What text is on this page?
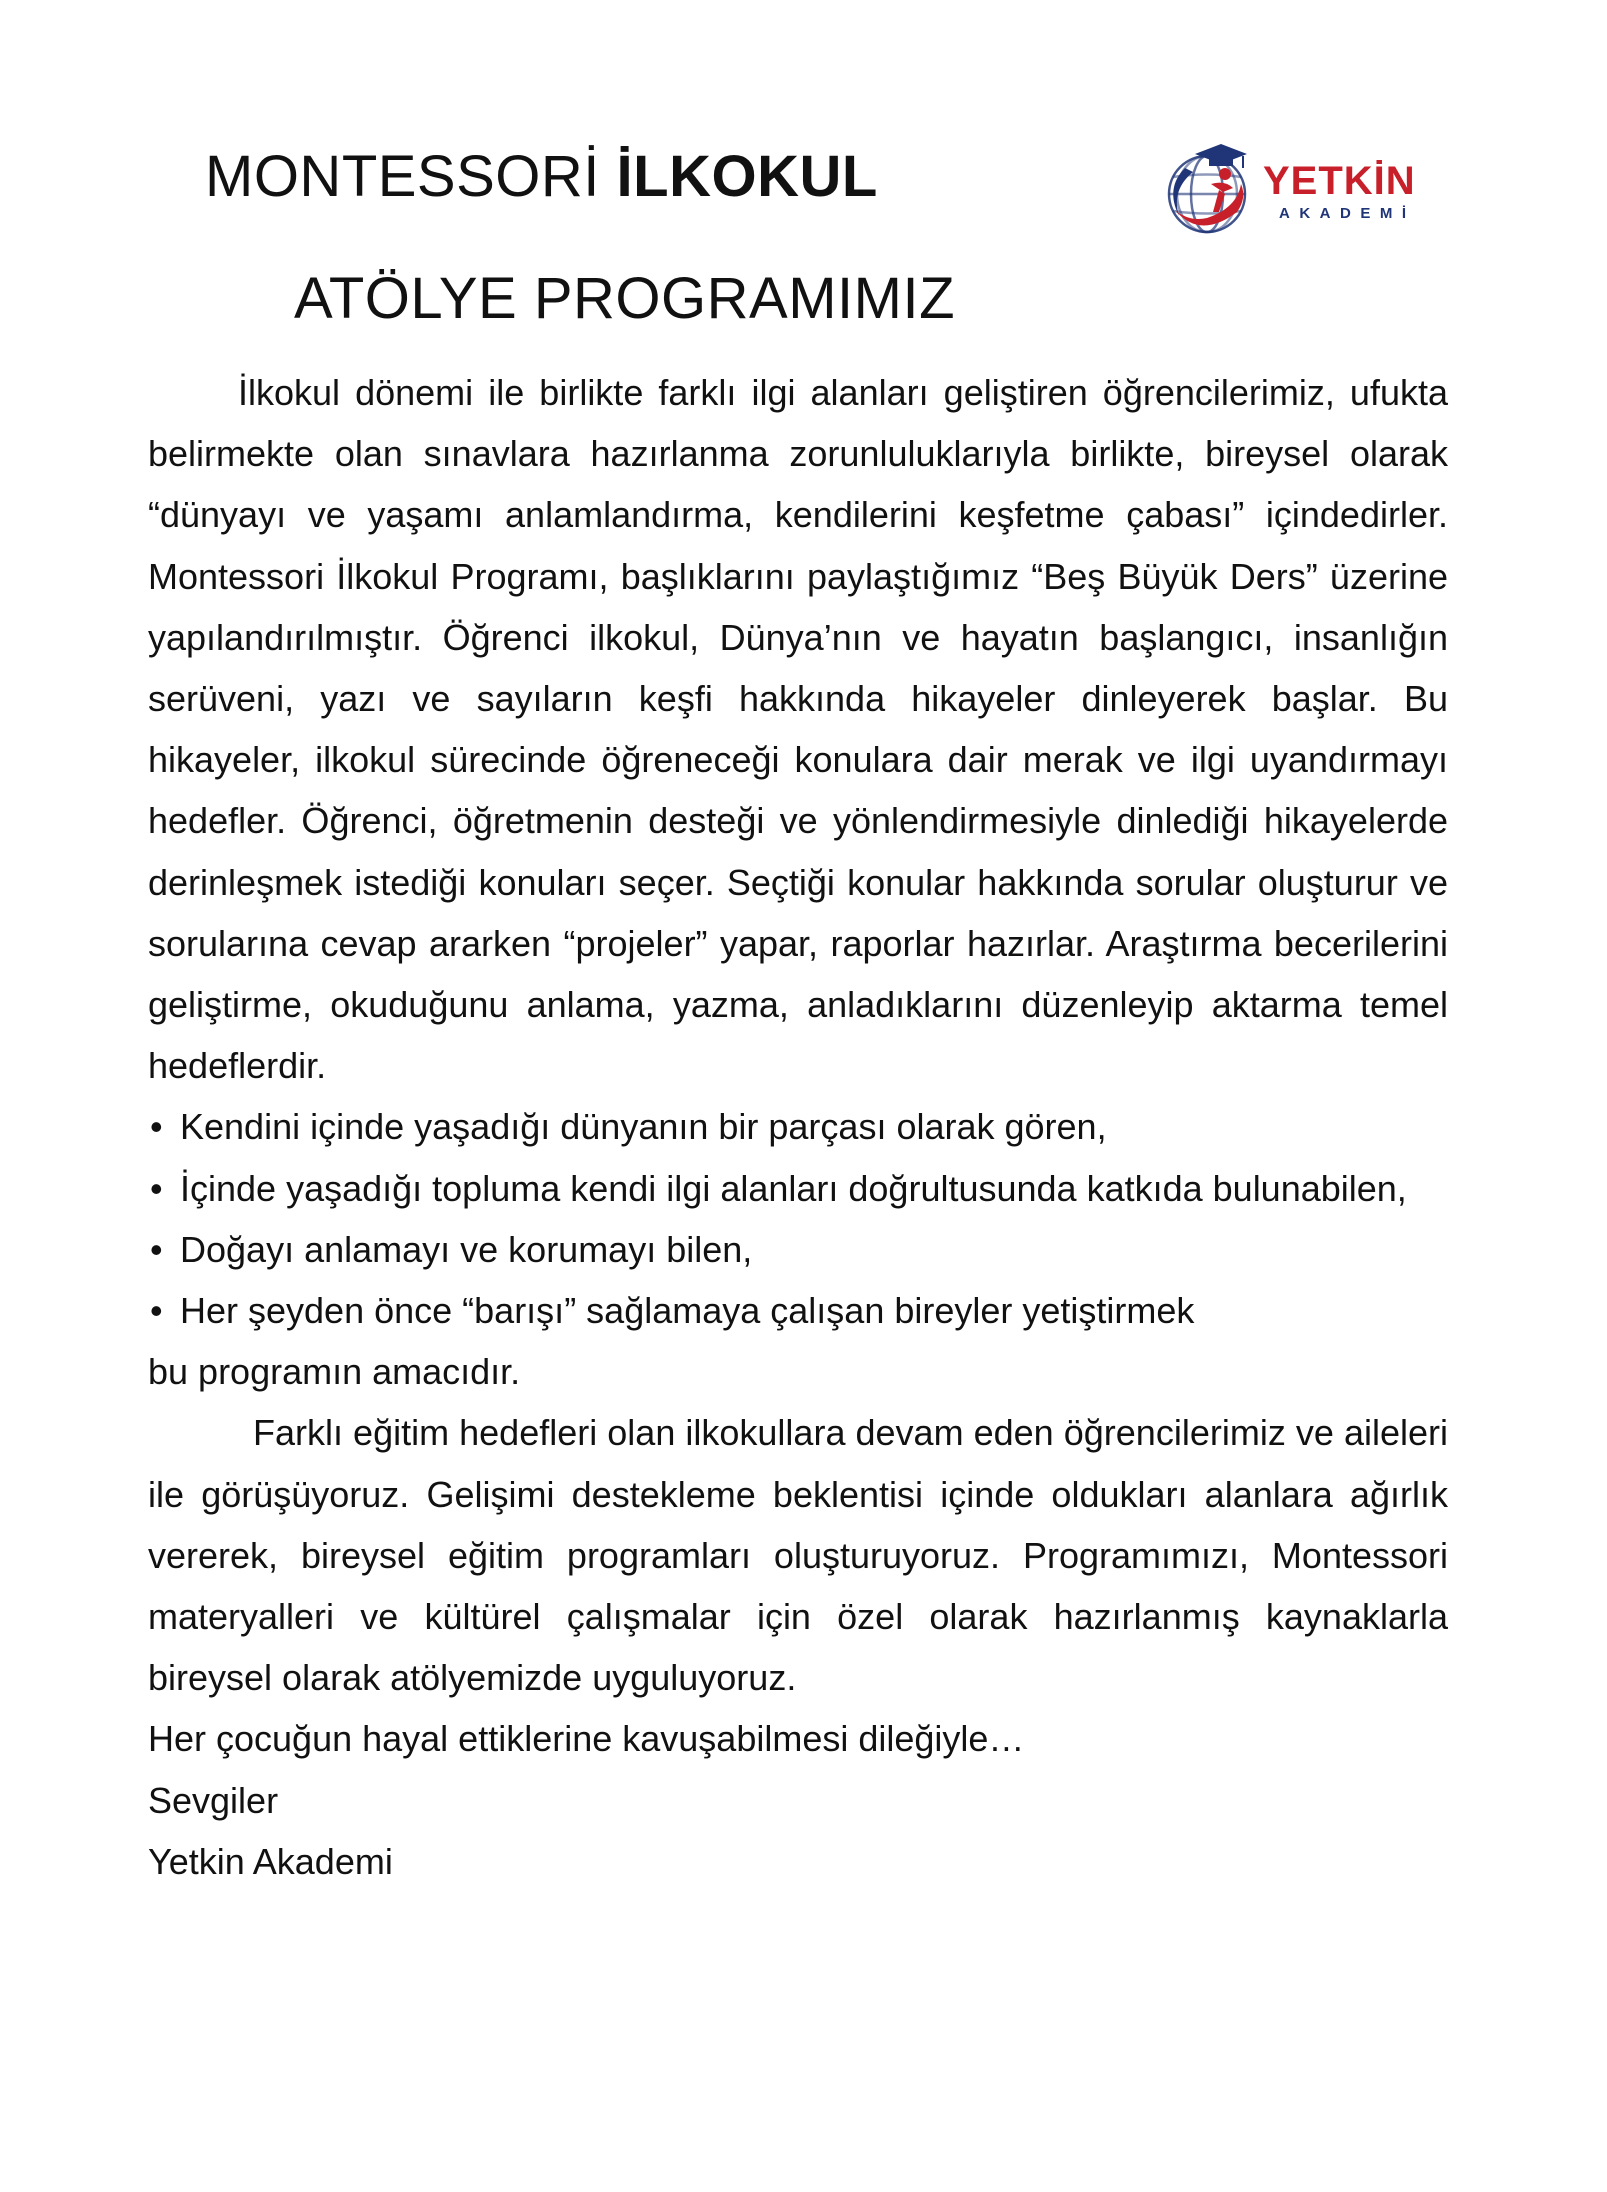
MONTESSORİ İLKOKUL
ATÖLYE PROGRAMIMIZ
YETKİN
AKADEMİ

İlkokul dönemi ile birlikte farklı ilgi alanları geliştiren öğrencilerimiz, ufukta belirmekte olan sınavlara hazırlanma zorunluluklarıyla birlikte, bireysel olarak “dünyayı ve yaşamı anlamlandırma, kendilerini keşfetme çabası” içindedirler. Montessori İlkokul Programı, başlıklarını paylaştığımız “Beş Büyük Ders” üzerine yapılandırılmıştır. Öğrenci ilkokul, Dünya’nın ve hayatın başlangıcı, insanlığın serüveni, yazı ve sayıların keşfi hakkında hikayeler dinleyerek başlar. Bu hikayeler, ilkokul sürecinde öğreneceği konulara dair merak ve ilgi uyandırmayı hedefler. Öğrenci, öğretmenin desteği ve yönlendirmesiyle dinlediği hikayelerde derinleşmek istediği konuları seçer. Seçtiği konular hakkında sorular oluşturur ve sorularına cevap ararken “projeler” yapar, raporlar hazırlar. Araştırma becerilerini geliştirme, okuduğunu anlama, yazma, anladıklarını düzenleyip aktarma temel hedeflerdir.

• Kendini içinde yaşadığı dünyanın bir parçası olarak gören,
• İçinde yaşadığı topluma kendi ilgi alanları doğrultusunda katkıda bulunabilen,
• Doğayı anlamayı ve korumayı bilen,
• Her şeyden önce “barışı” sağlamaya çalışan bireyler yetiştirmek

bu programın amacıdır.

Farklı eğitim hedefleri olan ilkokullara devam eden öğrencilerimiz ve aileleri ile görüşüyoruz. Gelişimi destekleme beklentisi içinde oldukları alanlara ağırlık vererek, bireysel eğitim programları oluşturuyoruz. Programımızı, Montessori materyalleri ve kültürel çalışmalar için özel olarak hazırlanmış kaynaklarla bireysel olarak atölyemizde uyguluyoruz.

Her çocuğun hayal ettiklerine kavuşabilmesi dileğiyle…

Sevgiler

Yetkin Akademi
